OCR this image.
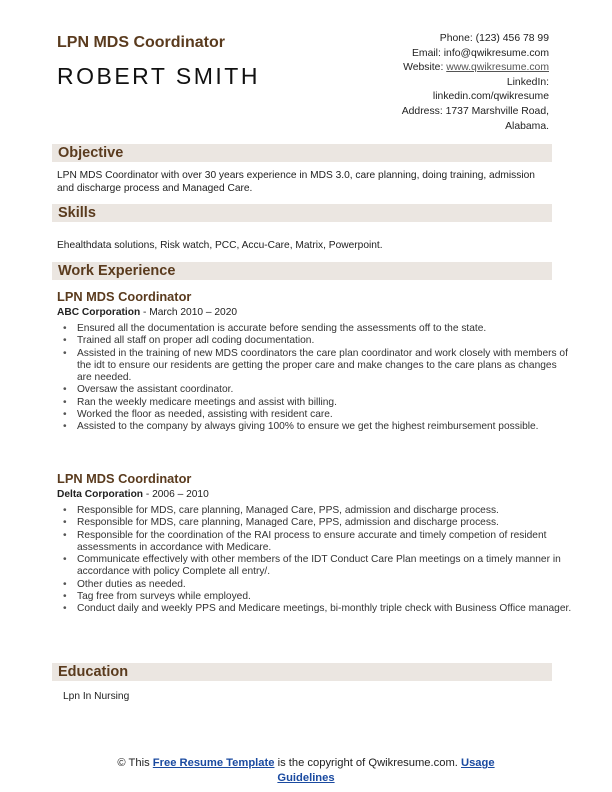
LPN MDS Coordinator
ROBERT SMITH
Phone: (123) 456 78 99
Email: info@qwikresume.com
Website: www.qwikresume.com
LinkedIn:
linkedin.com/qwikresume
Address: 1737 Marshville Road,
Alabama.
Objective
LPN MDS Coordinator with over 30 years experience in MDS 3.0, care planning, doing training, admission and discharge process and Managed Care.
Skills
Ehealthdata solutions, Risk watch, PCC, Accu-Care, Matrix, Powerpoint.
Work Experience
LPN MDS Coordinator
ABC Corporation - March 2010 – 2020
• Ensured all the documentation is accurate before sending the assessments off to the state.
• Trained all staff on proper adl coding documentation.
• Assisted in the training of new MDS coordinators the care plan coordinator and work closely with members of the idt to ensure our residents are getting the proper care and make changes to the care plans as changes are needed.
• Oversaw the assistant coordinator.
• Ran the weekly medicare meetings and assist with billing.
• Worked the floor as needed, assisting with resident care.
• Assisted to the company by always giving 100% to ensure we get the highest reimbursement possible.
LPN MDS Coordinator
Delta Corporation - 2006 – 2010
• Responsible for MDS, care planning, Managed Care, PPS, admission and discharge process.
• Responsible for MDS, care planning, Managed Care, PPS, admission and discharge process.
• Responsible for the coordination of the RAI process to ensure accurate and timely competion of resident assessments in accordance with Medicare.
• Communicate effectively with other members of the IDT Conduct Care Plan meetings on a timely manner in accordance with policy Complete all entry/.
• Other duties as needed.
• Tag free from surveys while employed.
• Conduct daily and weekly PPS and Medicare meetings, bi-monthly triple check with Business Office manager.
Education
Lpn In Nursing
© This Free Resume Template is the copyright of Qwikresume.com. Usage
Guidelines
